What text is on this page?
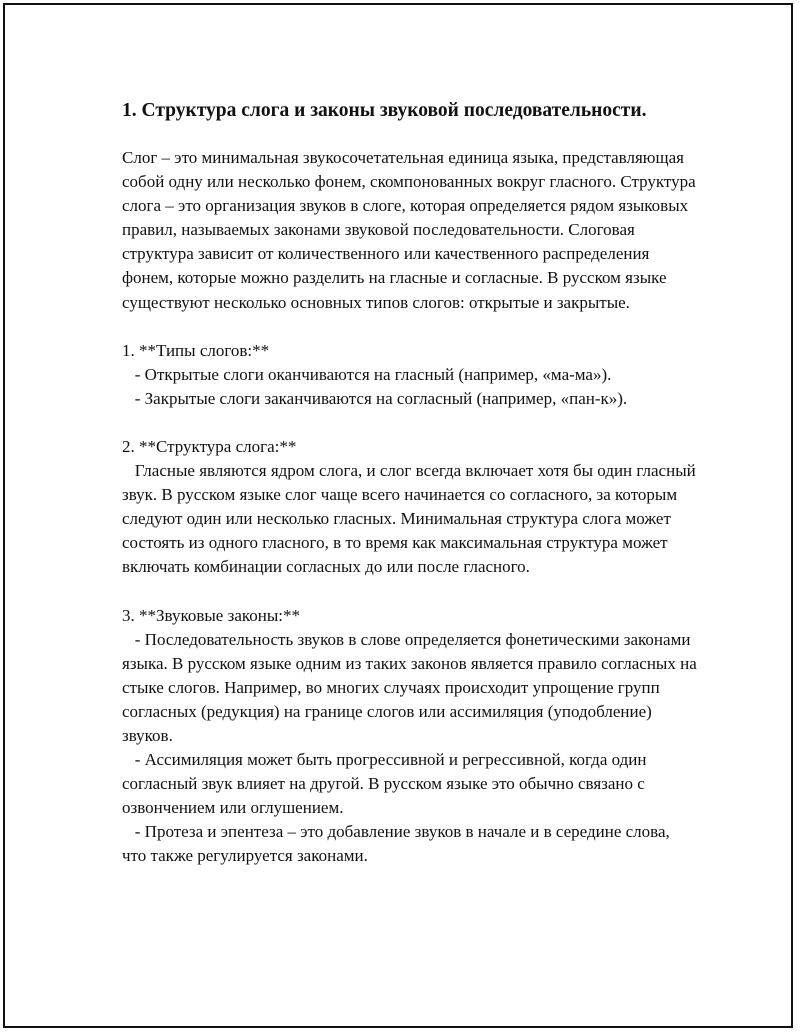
1. Структура слога и законы звуковой последовательности.

Слог – это минимальная звукосочетательная единица языка, представляющая собой одну или несколько фонем, скомпонованных вокруг гласного. Структура слога – это организация звуков в слоге, которая определяется рядом языковых правил, называемых законами звуковой последовательности. Слоговая структура зависит от количественного или качественного распределения фонем, которые можно разделить на гласные и согласные. В русском языке существуют несколько основных типов слогов: открытые и закрытые.

1. **Типы слогов:**

- Открытые слоги оканчиваются на гласный (например, «ма-ма»).
- Закрытые слоги заканчиваются на согласный (например, «пан-к»).

2. **Структура слога:**

Гласные являются ядром слога, и слог всегда включает хотя бы один гласный звук. В русском языке слог чаще всего начинается со согласного, за которым следуют один или несколько гласных. Минимальная структура слога может состоять из одного гласного, в то время как максимальная структура может включать комбинации согласных до или после гласного.

3. **Звуковые законы:**

- Последовательность звуков в слове определяется фонетическими законами языка. В русском языке одним из таких законов является правило согласных на стыке слогов. Например, во многих случаях происходит упрощение групп согласных (редукция) на границе слогов или ассимиляция (уподобление) звуков.
- Ассимиляция может быть прогрессивной и регрессивной, когда один согласный звук влияет на другой. В русском языке это обычно связано с озвончением или оглушением.
- Протеза и эпентеза – это добавление звуков в начале и в середине слова, что также регулируется законами.
